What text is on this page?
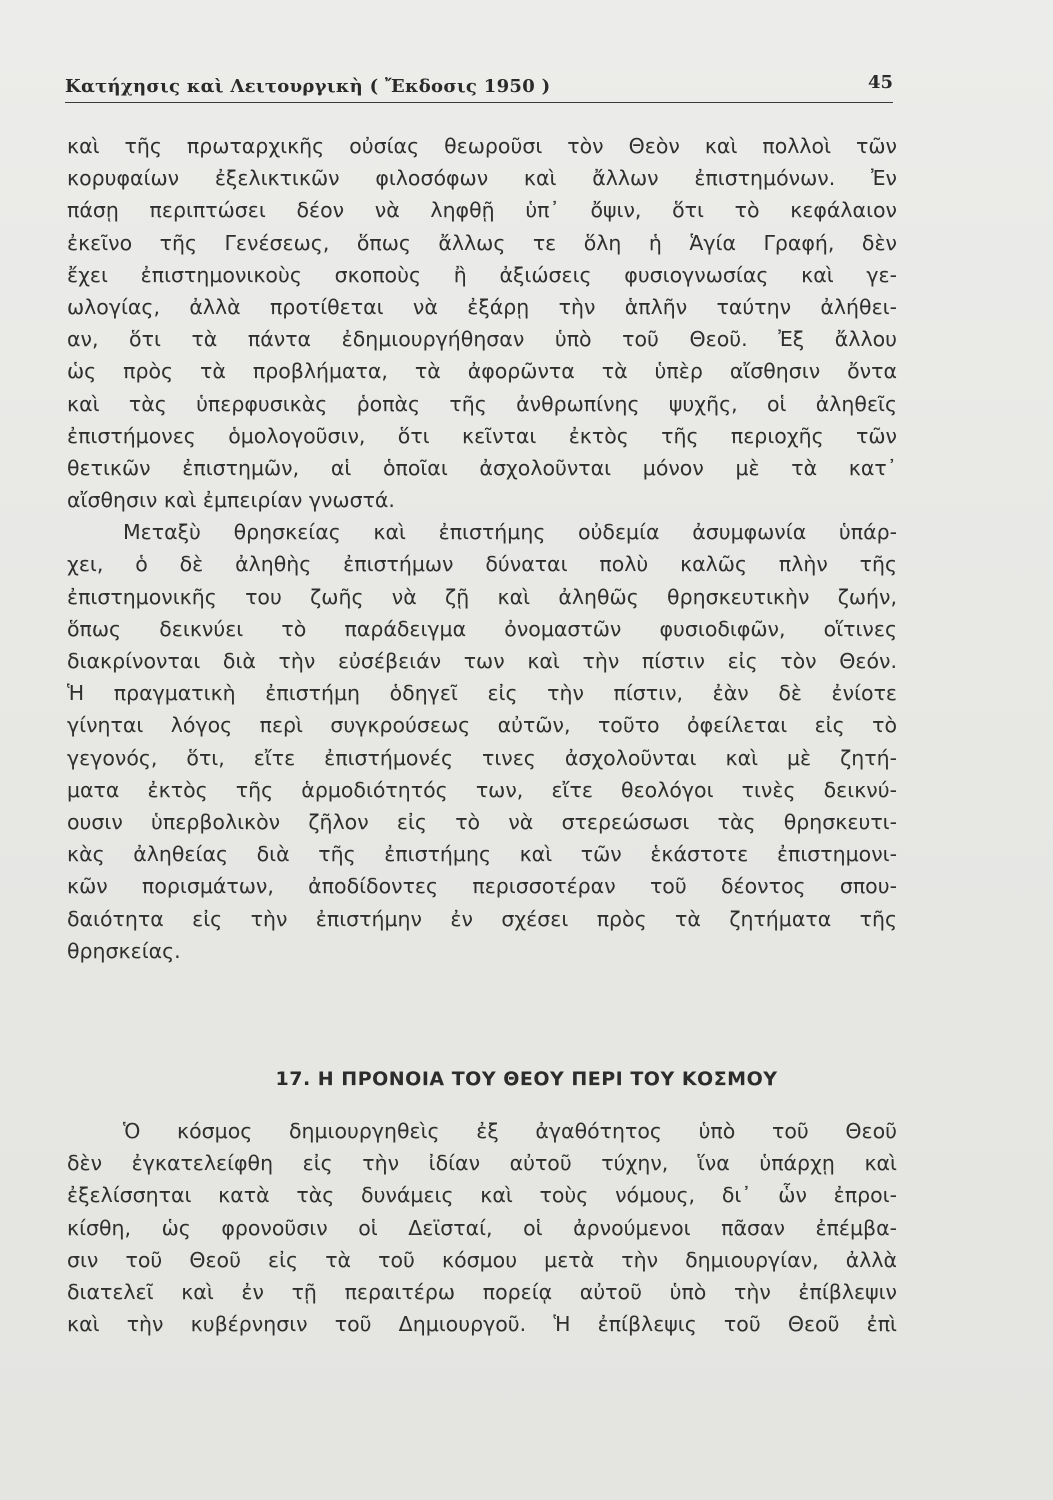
Κατήχησις καὶ Λειτουργικὴ ( Ἔκδοσις 1950 )	45
καὶ τῆς πρωταρχικῆς οὐσίας θεωροῦσι τὸν Θεὸν καὶ πολλοὶ τῶν
κορυφαίων ἐξελικτικῶν φιλοσόφων καὶ ἄλλων ἐπιστημόνων. Ἐν
πάσῃ περιπτώσει δέον νὰ ληφθῇ ὑπ᾽ ὄψιν, ὅτι τὸ κεφάλαιον
ἐκεῖνο τῆς Γενέσεως, ὅπως ἄλλως τε ὅλη ἡ Ἁγία Γραφή, δὲν
ἔχει ἐπιστημονικοὺς σκοποὺς ἢ ἀξιώσεις φυσιογνωσίας καὶ γε-
ωλογίας, ἀλλὰ προτίθεται νὰ ἐξάρῃ τὴν ἁπλῆν ταύτην ἀλήθει-
αν, ὅτι τὰ πάντα ἐδημιουργήθησαν ὑπὸ τοῦ Θεοῦ. Ἐξ ἄλλου
ὡς πρὸς τὰ προβλήματα, τὰ ἀφορῶντα τὰ ὑπὲρ αἴσθησιν ὄντα
καὶ τὰς ὑπερφυσικὰς ῥοπὰς τῆς ἀνθρωπίνης ψυχῆς, οἱ ἀληθεῖς
ἐπιστήμονες ὁμολογοῦσιν, ὅτι κεῖνται ἐκτὸς τῆς περιοχῆς τῶν
θετικῶν ἐπιστημῶν, αἱ ὁποῖαι ἀσχολοῦνται μόνον μὲ τὰ κατ᾽
αἴσθησιν καὶ ἐμπειρίαν γνωστά.
Μεταξὺ θρησκείας καὶ ἐπιστήμης οὐδεμία ἀσυμφωνία ὑπάρ-
χει, ὁ δὲ ἀληθὴς ἐπιστήμων δύναται πολὺ καλῶς πλὴν τῆς
ἐπιστημονικῆς του ζωῆς νὰ ζῇ καὶ ἀληθῶς θρησκευτικὴν ζωήν,
ὅπως δεικνύει τὸ παράδειγμα ὀνομαστῶν φυσιοδιφῶν, οἵτινες
διακρίνονται διὰ τὴν εὐσέβειάν των καὶ τὴν πίστιν εἰς τὸν Θεόν.
Ἡ πραγματικὴ ἐπιστήμη ὁδηγεῖ εἰς τὴν πίστιν, ἐὰν δὲ ἐνίοτε
γίνηται λόγος περὶ συγκρούσεως αὐτῶν, τοῦτο ὀφείλεται εἰς τὸ
γεγονός, ὅτι, εἴτε ἐπιστήμονές τινες ἀσχολοῦνται καὶ μὲ ζητή-
ματα ἐκτὸς τῆς ἁρμοδιότητός των, εἴτε θεολόγοι τινὲς δεικνύ-
ουσιν ὑπερβολικὸν ζῆλον εἰς τὸ νὰ στερεώσωσι τὰς θρησκευτι-
κὰς ἀληθείας διὰ τῆς ἐπιστήμης καὶ τῶν ἑκάστοτε ἐπιστημονι-
κῶν πορισμάτων, ἀποδίδοντες περισσοτέραν τοῦ δέοντος σπου-
δαιότητα εἰς τὴν ἐπιστήμην ἐν σχέσει πρὸς τὰ ζητήματα τῆς
θρησκείας.
17. Η ΠΡΟΝΟΙΑ ΤΟΥ ΘΕΟΥ ΠΕΡΙ ΤΟΥ ΚΟΣΜΟΥ
Ὁ κόσμος δημιουργηθεὶς ἐξ ἀγαθότητος ὑπὸ τοῦ Θεοῦ
δὲν ἐγκατελείφθη εἰς τὴν ἰδίαν αὐτοῦ τύχην, ἵνα ὑπάρχῃ καὶ
ἐξελίσσηται κατὰ τὰς δυνάμεις καὶ τοὺς νόμους, δι᾽ ὧν ἐπροι-
κίσθη, ὡς φρονοῦσιν οἱ Δεϊσταί, οἱ ἀρνούμενοι πᾶσαν ἐπέμβα-
σιν τοῦ Θεοῦ εἰς τὰ τοῦ κόσμου μετὰ τὴν δημιουργίαν, ἀλλὰ
διατελεῖ καὶ ἐν τῇ περαιτέρω πορείᾳ αὐτοῦ ὑπὸ τὴν ἐπίβλεψιν
καὶ τὴν κυβέρνησιν τοῦ Δημιουργοῦ. Ἡ ἐπίβλεψις τοῦ Θεοῦ ἐπὶ
